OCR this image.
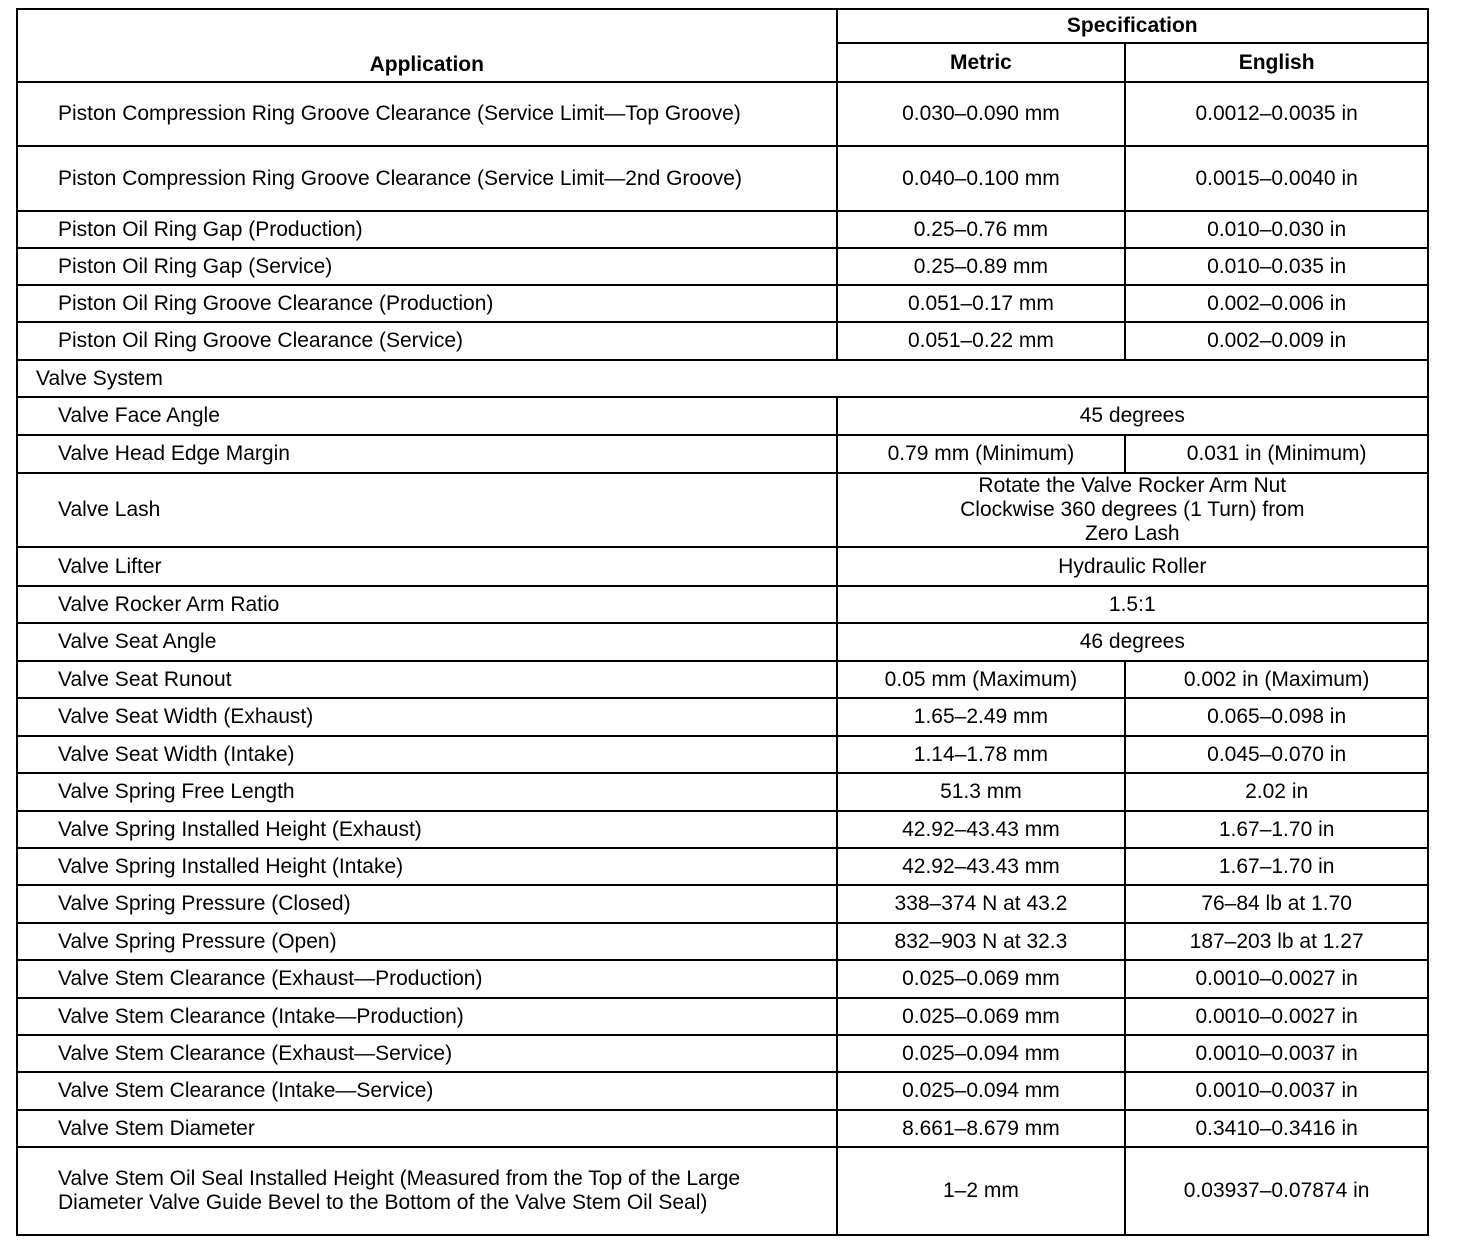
Application	Specification	
	Metric	English
Piston Compression Ring Groove Clearance (Service Limit—Top Groove)	0.030–0.090 mm	0.0012–0.0035 in
Piston Compression Ring Groove Clearance (Service Limit—2nd Groove)	0.040–0.100 mm	0.0015–0.0040 in
Piston Oil Ring Gap (Production)	0.25–0.76 mm	0.010–0.030 in
Piston Oil Ring Gap (Service)	0.25–0.89 mm	0.010–0.035 in
Piston Oil Ring Groove Clearance (Production)	0.051–0.17 mm	0.002–0.006 in
Piston Oil Ring Groove Clearance (Service)	0.051–0.22 mm	0.002–0.009 in
Valve System		
Valve Face Angle	45 degrees	
Valve Head Edge Margin	0.79 mm (Minimum)	0.031 in (Minimum)
Valve Lash	Rotate the Valve Rocker Arm Nut Clockwise 360 degrees (1 Turn) from Zero Lash	
Valve Lifter	Hydraulic Roller	
Valve Rocker Arm Ratio	1.5:1	
Valve Seat Angle	46 degrees	
Valve Seat Runout	0.05 mm (Maximum)	0.002 in (Maximum)
Valve Seat Width (Exhaust)	1.65–2.49 mm	0.065–0.098 in
Valve Seat Width (Intake)	1.14–1.78 mm	0.045–0.070 in
Valve Spring Free Length	51.3 mm	2.02 in
Valve Spring Installed Height (Exhaust)	42.92–43.43 mm	1.67–1.70 in
Valve Spring Installed Height (Intake)	42.92–43.43 mm	1.67–1.70 in
Valve Spring Pressure (Closed)	338–374 N at 43.2	76–84 lb at 1.70
Valve Spring Pressure (Open)	832–903 N at 32.3	187–203 lb at 1.27
Valve Stem Clearance (Exhaust—Production)	0.025–0.069 mm	0.0010–0.0027 in
Valve Stem Clearance (Intake—Production)	0.025–0.069 mm	0.0010–0.0027 in
Valve Stem Clearance (Exhaust—Service)	0.025–0.094 mm	0.0010–0.0037 in
Valve Stem Clearance (Intake—Service)	0.025–0.094 mm	0.0010–0.0037 in
Valve Stem Diameter	8.661–8.679 mm	0.3410–0.3416 in
Valve Stem Oil Seal Installed Height (Measured from the Top of the Large Diameter Valve Guide Bevel to the Bottom of the Valve Stem Oil Seal)	1–2 mm	0.03937–0.07874 in
